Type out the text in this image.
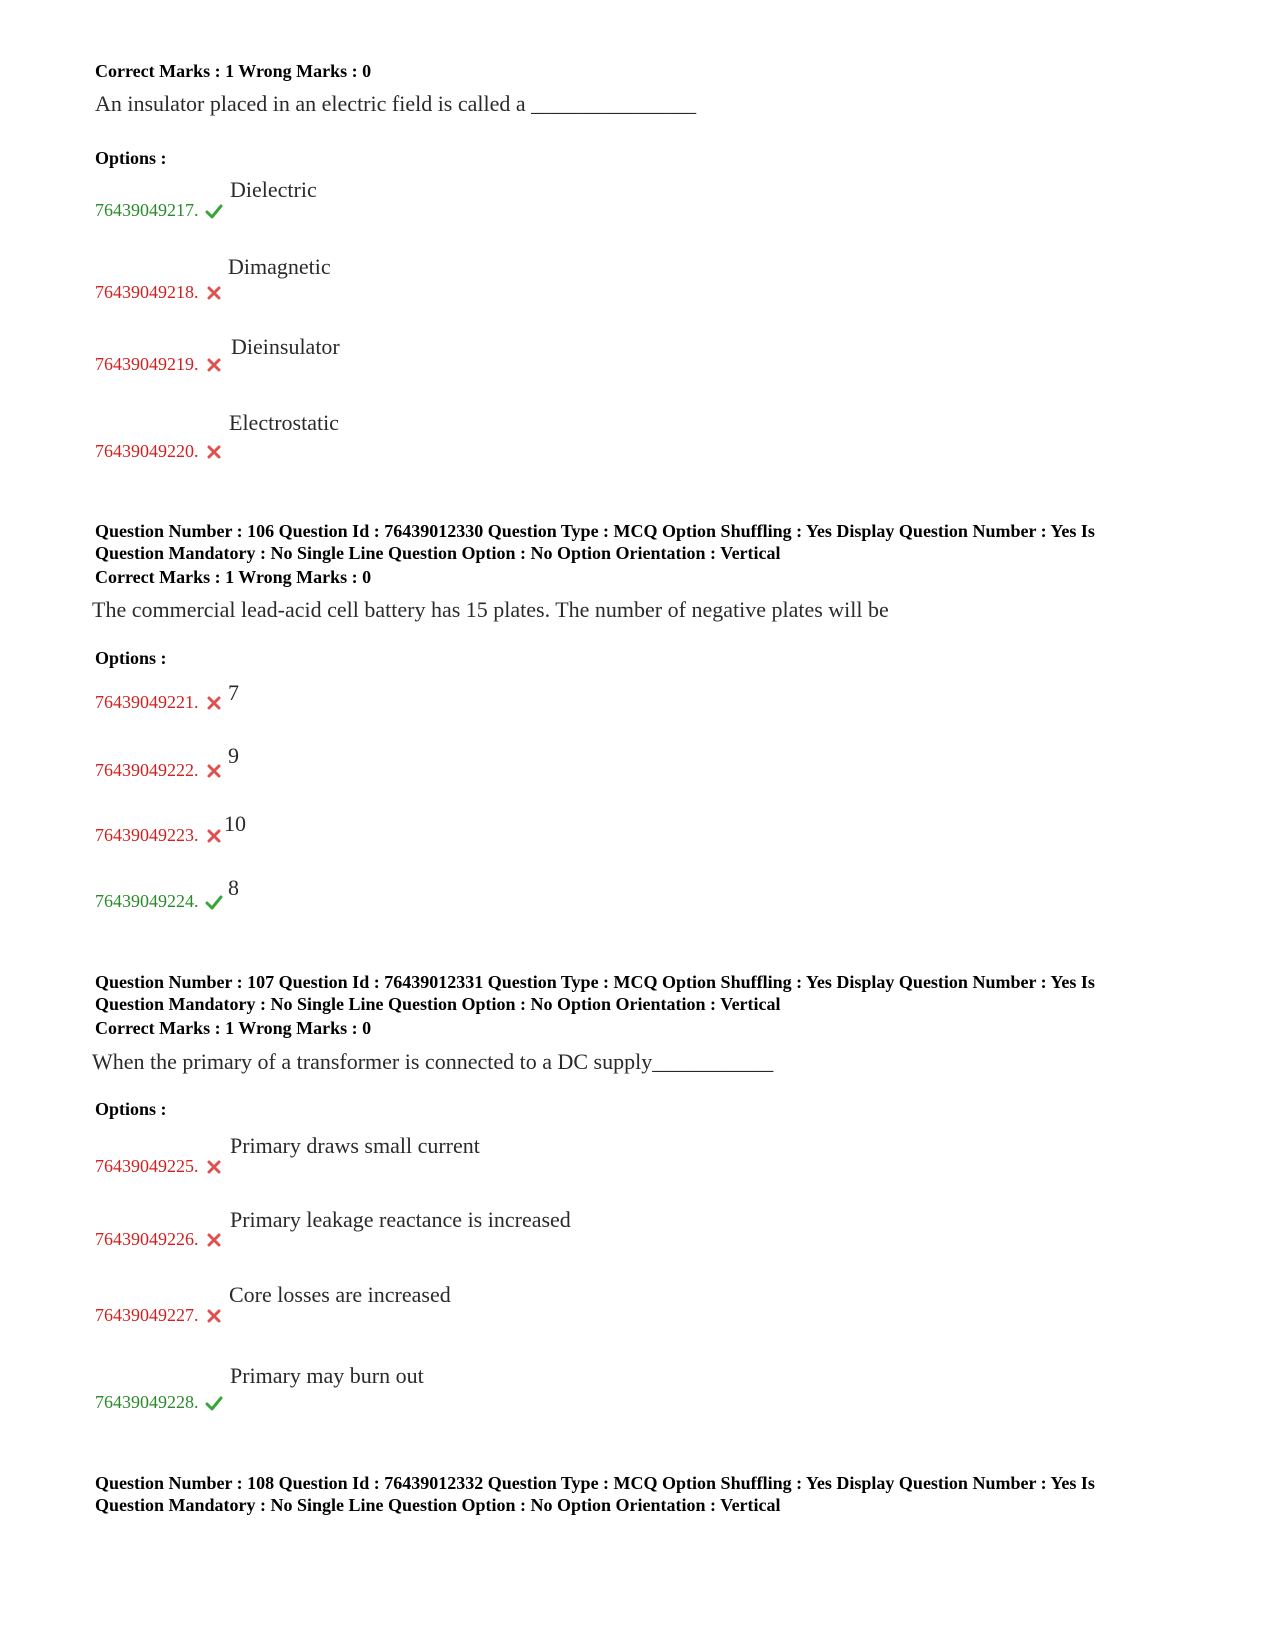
Correct Marks : 1 Wrong Marks : 0
An insulator placed in an electric field is called a _______________
Options :
Dielectric
76439049217.
Dimagnetic
76439049218.
Dieinsulator
76439049219.
Electrostatic
76439049220.
Question Number : 106 Question Id : 76439012330 Question Type : MCQ Option Shuffling : Yes Display Question Number : Yes Is
Question Mandatory : No Single Line Question Option : No Option Orientation : Vertical
Correct Marks : 1 Wrong Marks : 0
The commercial lead-acid cell battery has 15 plates. The number of negative plates will be
Options :
7
76439049221.
9
76439049222.
10
76439049223.
8
76439049224.
Question Number : 107 Question Id : 76439012331 Question Type : MCQ Option Shuffling : Yes Display Question Number : Yes Is
Question Mandatory : No Single Line Question Option : No Option Orientation : Vertical
Correct Marks : 1 Wrong Marks : 0
When the primary of a transformer is connected to a DC supply___________
Options :
Primary draws small current
76439049225.
Primary leakage reactance is increased
76439049226.
Core losses are increased
76439049227.
Primary may burn out
76439049228.
Question Number : 108 Question Id : 76439012332 Question Type : MCQ Option Shuffling : Yes Display Question Number : Yes Is
Question Mandatory : No Single Line Question Option : No Option Orientation : Vertical
